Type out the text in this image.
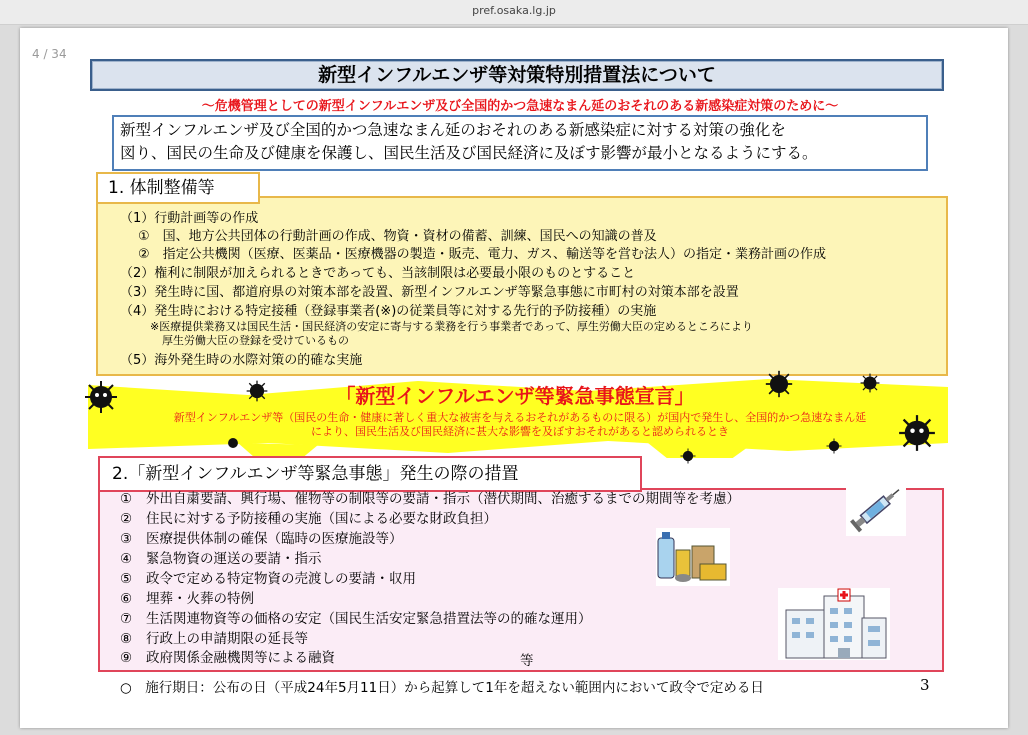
pref.osaka.lg.jp
4 / 34
新型インフルエンザ等対策特別措置法について
～危機管理としての新型インフルエンザ及び全国的かつ急速なまん延のおそれのある新感染症対策のために～
新型インフルエンザ及び全国的かつ急速なまん延のおそれのある新感染症に対する対策の強化を
図り、国民の生命及び健康を保護し、国民生活及び国民経済に及ぼす影響が最小となるようにする。
1. 体制整備等
（1）行動計画等の作成
①　国、地方公共団体の行動計画の作成、物資・資材の備蓄、訓練、国民への知識の普及
②　指定公共機関（医療、医薬品・医療機器の製造・販売、電力、ガス、輸送等を営む法人）の指定・業務計画の作成
（2）権利に制限が加えられるときであっても、当該制限は必要最小限のものとすること
（3）発生時に国、都道府県の対策本部を設置、新型インフルエンザ等緊急事態に市町村の対策本部を設置
（4）発生時における特定接種（登録事業者(※)の従業員等に対する先行的予防接種）の実施
※医療提供業務又は国民生活・国民経済の安定に寄与する業務を行う事業者であって、厚生労働大臣の定めるところにより
厚生労働大臣の登録を受けているもの
（5）海外発生時の水際対策の的確な実施
「新型インフルエンザ等緊急事態宣言」
新型インフルエンザ等（国民の生命・健康に著しく重大な被害を与えるおそれがあるものに限る）が国内で発生し、全国的かつ急速なまん延
により、国民生活及び国民経済に甚大な影響を及ぼすおそれがあると認められるとき
2.「新型インフルエンザ等緊急事態」発生の際の措置
① 外出自粛要請、興行場、催物等の制限等の要請・指示（潜伏期間、治癒するまでの期間等を考慮）
② 住民に対する予防接種の実施（国による必要な財政負担）
③ 医療提供体制の確保（臨時の医療施設等）
④ 緊急物資の運送の要請・指示
⑤ 政令で定める特定物資の売渡しの要請・収用
⑥ 埋葬・火葬の特例
⑦ 生活関連物資等の価格の安定（国民生活安定緊急措置法等の的確な運用）
⑧ 行政上の申請期限の延長等
⑨ 政府関係金融機関等による融資	等
○　施行期日：公布の日（平成24年5月11日）から起算して1年を超えない範囲内において政令で定める日	3
